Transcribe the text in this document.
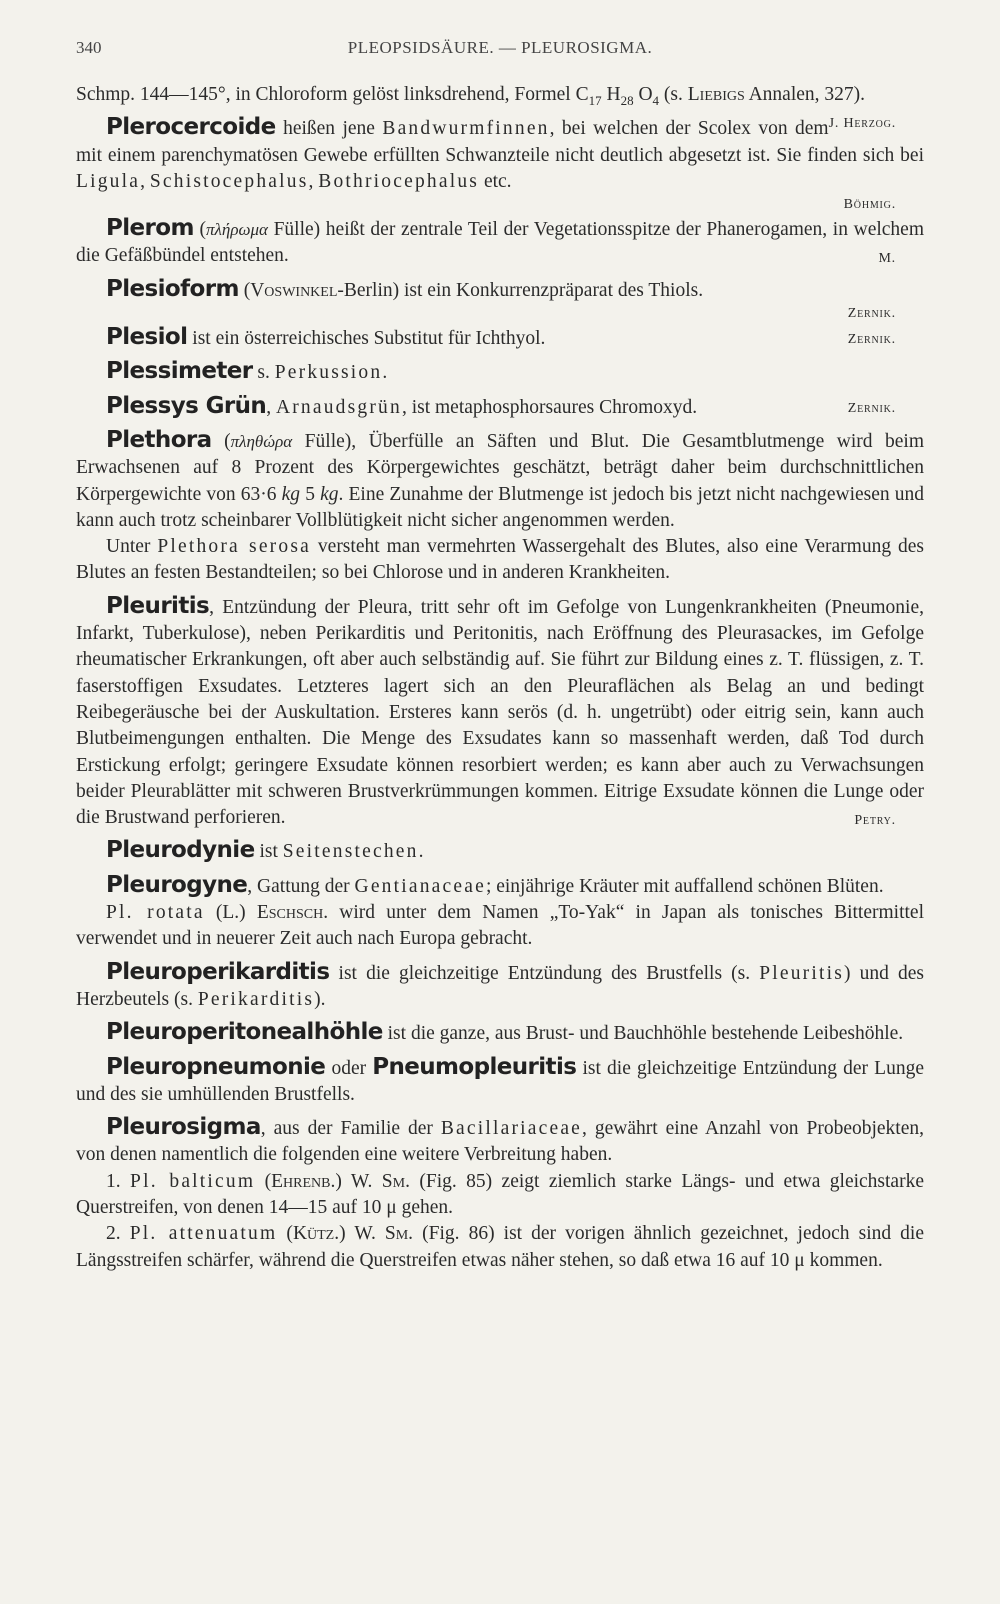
340	PLEOPSIDSÄURE. — PLEUROSIGMA.

Schmp. 144—145°, in Chloroform gelöst linksdrehend, Formel $C_{17}$ $H_{28}$ $O_4$ (s. Liebigs Annalen, 327).
J. Herzog.

Plerocercoide heißen jene Bandwurmfinnen, bei welchen der Scolex von dem mit einem parenchymatösen Gewebe erfüllten Schwanzteile nicht deutlich abgesetzt ist. Sie finden sich bei Ligula, Schistocephalus, Bothriocephalus etc.
Böhmig.

Plerom (πλήρωμα Fülle) heißt der zentrale Teil der Vegetationsspitze der Phanerogamen, in welchem die Gefäßbündel entstehen.	M.

Plesioform (Voswinkel-Berlin) ist ein Konkurrenzpräparat des Thiols.
Zernik.

Plesiol ist ein österreichisches Substitut für Ichthyol.	Zernik.

Plessimeter s. Perkussion.

Plessys Grün, Arnaudsgrün, ist metaphosphorsaures Chromoxyd.	Zernik.

Plethora (πληθώρα Fülle), Überfülle an Säften und Blut. Die Gesamtblutmenge wird beim Erwachsenen auf 8 Prozent des Körpergewichtes geschätzt, beträgt daher beim durchschnittlichen Körpergewichte von 63·6 kg 5 kg. Eine Zunahme der Blutmenge ist jedoch bis jetzt nicht nachgewiesen und kann auch trotz scheinbarer Vollblütigkeit nicht sicher angenommen werden.

Unter Plethora serosa versteht man vermehrten Wassergehalt des Blutes, also eine Verarmung des Blutes an festen Bestandteilen; so bei Chlorose und in anderen Krankheiten.

Pleuritis, Entzündung der Pleura, tritt sehr oft im Gefolge von Lungenkrankheiten (Pneumonie, Infarkt, Tuberkulose), neben Perikarditis und Peritonitis, nach Eröffnung des Pleurasackes, im Gefolge rheumatischer Erkrankungen, oft aber auch selbständig auf. Sie führt zur Bildung eines z. T. flüssigen, z. T. faserstoffigen Exsudates. Letzteres lagert sich an den Pleuraflächen als Belag an und bedingt Reibegeräusche bei der Auskultation. Ersteres kann serös (d. h. ungetrübt) oder eitrig sein, kann auch Blutbeimengungen enthalten. Die Menge des Exsudates kann so massenhaft werden, daß Tod durch Erstickung erfolgt; geringere Exsudate können resorbiert werden; es kann aber auch zu Verwachsungen beider Pleurablätter mit schweren Brustverkrümmungen kommen. Eitrige Exsudate können die Lunge oder die Brustwand perforieren.	Petry.

Pleurodynie ist Seitenstechen.

Pleurogyne, Gattung der Gentianaceae; einjährige Kräuter mit auffallend schönen Blüten.

Pl. rotata (L.) Eschsch. wird unter dem Namen „To-Yak“ in Japan als tonisches Bittermittel verwendet und in neuerer Zeit auch nach Europa gebracht.

Pleuroperikarditis ist die gleichzeitige Entzündung des Brustfells (s. Pleuritis) und des Herzbeutels (s. Perikarditis).

Pleuroperitonealhöhle ist die ganze, aus Brust- und Bauchhöhle bestehende Leibeshöhle.

Pleuropneumonie oder Pneumopleuritis ist die gleichzeitige Entzündung der Lunge und des sie umhüllenden Brustfells.

Pleurosigma, aus der Familie der Bacillariaceae, gewährt eine Anzahl von Probeobjekten, von denen namentlich die folgenden eine weitere Verbreitung haben.

1. Pl. balticum (Ehrenb.) W. Sm. (Fig. 85) zeigt ziemlich starke Längs- und etwa gleichstarke Querstreifen, von denen 14—15 auf 10 μ gehen.

2. Pl. attenuatum (Kütz.) W. Sm. (Fig. 86) ist der vorigen ähnlich gezeichnet, jedoch sind die Längsstreifen schärfer, während die Querstreifen etwas näher stehen, so daß etwa 16 auf 10 μ kommen.
